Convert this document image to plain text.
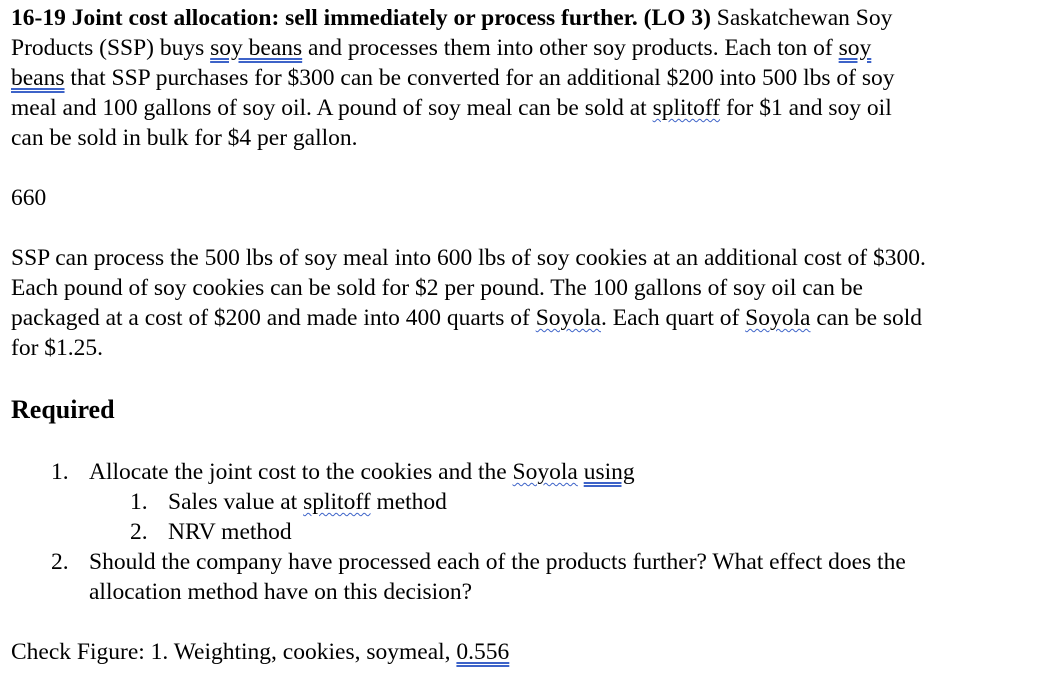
16-19 Joint cost allocation: sell immediately or process further. (LO 3) Saskatchewan Soy

Products (SSP) buys soy beans and processes them into other soy products. Each ton of soy

beans that SSP purchases for $300 can be converted for an additional $200 into 500 lbs of soy

meal and 100 gallons of soy oil. A pound of soy meal can be sold at splitoff for $1 and soy oil

can be sold in bulk for $4 per gallon.

660

SSP can process the 500 lbs of soy meal into 600 lbs of soy cookies at an additional cost of $300.

Each pound of soy cookies can be sold for $2 per pound. The 100 gallons of soy oil can be

packaged at a cost of $200 and made into 400 quarts of Soyola. Each quart of Soyola can be sold

for $1.25.

Required
1. Allocate the joint cost to the cookies and the Soyola using
1. Sales value at splitoff method
2. NRV method
2. Should the company have processed each of the products further? What effect does the
allocation method have on this decision?
Check Figure: 1. Weighting, cookies, soymeal, 0.556
